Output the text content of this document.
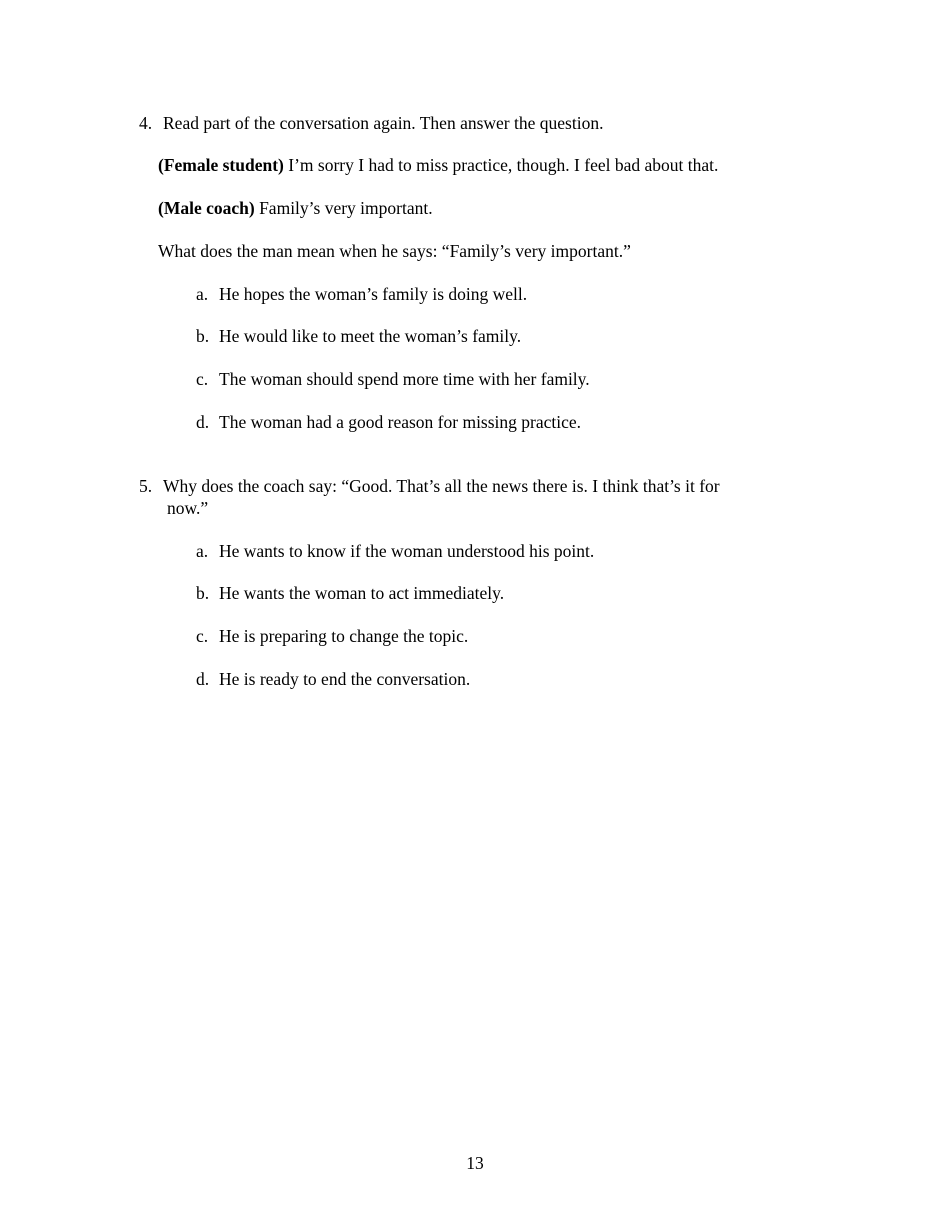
4. Read part of the conversation again. Then answer the question.
(Female student) I’m sorry I had to miss practice, though. I feel bad about that.
(Male coach) Family’s very important.
What does the man mean when he says: “Family’s very important.”
a. He hopes the woman’s family is doing well.
b. He would like to meet the woman’s family.
c. The woman should spend more time with her family.
d. The woman had a good reason for missing practice.
5. Why does the coach say: “Good. That’s all the news there is. I think that’s it for
now.”
a. He wants to know if the woman understood his point.
b. He wants the woman to act immediately.
c. He is preparing to change the topic.
d. He is ready to end the conversation.
13
